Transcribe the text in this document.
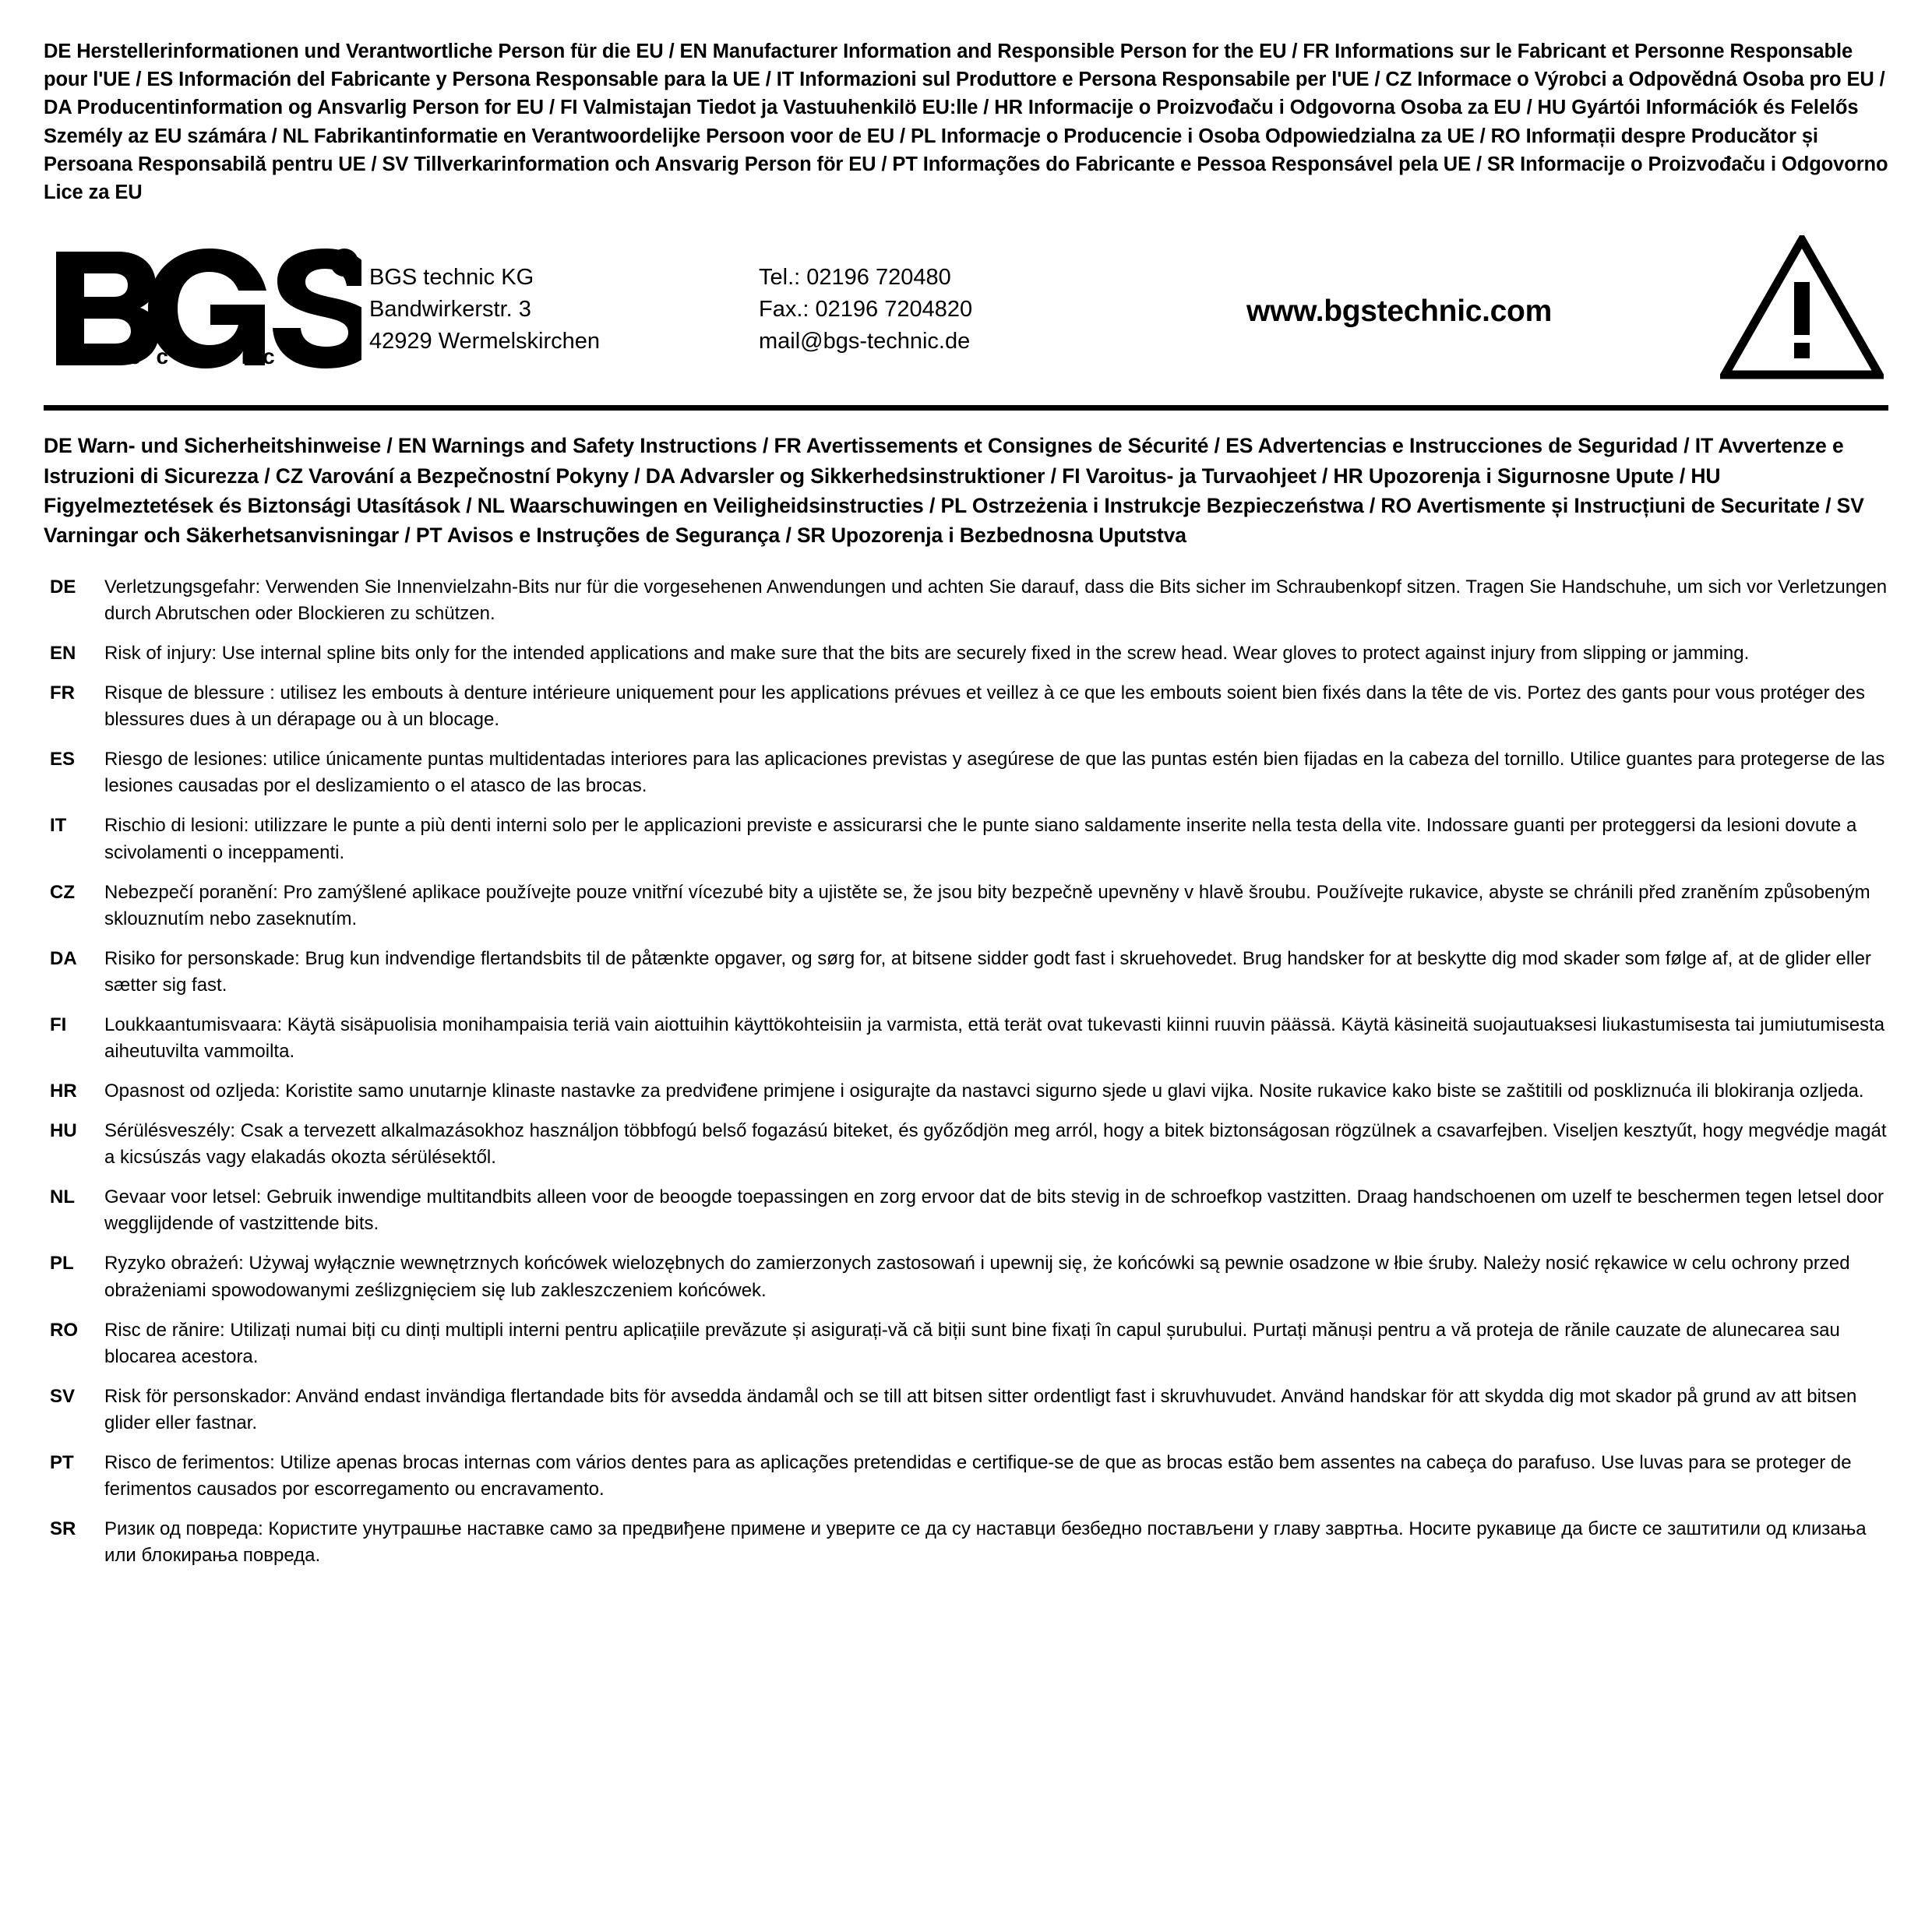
DE Herstellerinformationen und Verantwortliche Person für die EU / EN Manufacturer Information and Responsible Person for the EU / FR Informations sur le Fabricant et Personne Responsable pour l'UE / ES Información del Fabricante y Persona Responsable para la UE / IT Informazioni sul Produttore e Persona Responsabile per l'UE / CZ Informace o Výrobci a Odpovědná Osoba pro EU / DA Producentinformation og Ansvarlig Person for EU / FI Valmistajan Tiedot ja Vastuuhenkilö EU:lle / HR Informacije o Proizvođaču i Odgovorna Osoba za EU / HU Gyártói Információk és Felelős Személy az EU számára / NL Fabrikantinformatie en Verantwoordelijke Persoon voor de EU / PL Informacje o Producencie i Osoba Odpowiedzialna za UE / RO Informații despre Producător și Persoana Responsabilă pentru UE / SV Tillverkarinformation och Ansvarig Person för EU / PT Informações do Fabricante e Pessoa Responsável pela UE / SR Informacije o Proizvođaču i Odgovorno Lice za EU
R
t e c h n i c
BGS technic KG
Bandwirkerstr. 3
42929 Wermelskirchen
Tel.: 02196 720480
Fax.: 02196 7204820
mail@bgs-technic.de
www.bgstechnic.com
DE Warn- und Sicherheitshinweise / EN Warnings and Safety Instructions / FR Avertissements et Consignes de Sécurité / ES Advertencias e Instrucciones de Seguridad / IT Avvertenze e Istruzioni di Sicurezza / CZ Varování a Bezpečnostní Pokyny / DA Advarsler og Sikkerhedsinstruktioner / FI Varoitus- ja Turvaohjeet / HR Upozorenja i Sigurnosne Upute / HU Figyelmeztetések és Biztonsági Utasítások / NL Waarschuwingen en Veiligheidsinstructies / PL Ostrzeżenia i Instrukcje Bezpieczeństwa / RO Avertismente și Instrucțiuni de Securitate / SV Varningar och Säkerhetsanvisningar / PT Avisos e Instruções de Segurança / SR Upozorenja i Bezbednosna Uputstva
DE	Verletzungsgefahr: Verwenden Sie Innenvielzahn-Bits nur für die vorgesehenen Anwendungen und achten Sie darauf, dass die Bits sicher im Schraubenkopf sitzen. Tragen Sie Handschuhe, um sich vor Verletzungen durch Abrutschen oder Blockieren zu schützen.
EN	Risk of injury: Use internal spline bits only for the intended applications and make sure that the bits are securely fixed in the screw head. Wear gloves to protect against injury from slipping or jamming.
FR	Risque de blessure : utilisez les embouts à denture intérieure uniquement pour les applications prévues et veillez à ce que les embouts soient bien fixés dans la tête de vis. Portez des gants pour vous protéger des blessures dues à un dérapage ou à un blocage.
ES	Riesgo de lesiones: utilice únicamente puntas multidentadas interiores para las aplicaciones previstas y asegúrese de que las puntas estén bien fijadas en la cabeza del tornillo. Utilice guantes para protegerse de las lesiones causadas por el deslizamiento o el atasco de las brocas.
IT	Rischio di lesioni: utilizzare le punte a più denti interni solo per le applicazioni previste e assicurarsi che le punte siano saldamente inserite nella testa della vite. Indossare guanti per proteggersi da lesioni dovute a scivolamenti o inceppamenti.
CZ	Nebezpečí poranění: Pro zamýšlené aplikace používejte pouze vnitřní vícezubé bity a ujistěte se, že jsou bity bezpečně upevněny v hlavě šroubu. Používejte rukavice, abyste se chránili před zraněním způsobeným sklouznutím nebo zaseknutím.
DA	Risiko for personskade: Brug kun indvendige flertandsbits til de påtænkte opgaver, og sørg for, at bitsene sidder godt fast i skruehovedet. Brug handsker for at beskytte dig mod skader som følge af, at de glider eller sætter sig fast.
FI	Loukkaantumisvaara: Käytä sisäpuolisia monihampaisia teriä vain aiottuihin käyttökohteisiin ja varmista, että terät ovat tukevasti kiinni ruuvin päässä. Käytä käsineitä suojautuaksesi liukastumisesta tai jumiutumisesta aiheutuvilta vammoilta.
HR	Opasnost od ozljeda: Koristite samo unutarnje klinaste nastavke za predviđene primjene i osigurajte da nastavci sigurno sjede u glavi vijka. Nosite rukavice kako biste se zaštitili od poskliznuća ili blokiranja ozljeda.
HU	Sérülésveszély: Csak a tervezett alkalmazásokhoz használjon többfogú belső fogazású biteket, és győződjön meg arról, hogy a bitek biztonságosan rögzülnek a csavarfejben. Viseljen kesztyűt, hogy megvédje magát a kicsúszás vagy elakadás okozta sérülésektől.
NL	Gevaar voor letsel: Gebruik inwendige multitandbits alleen voor de beoogde toepassingen en zorg ervoor dat de bits stevig in de schroefkop vastzitten. Draag handschoenen om uzelf te beschermen tegen letsel door wegglijdende of vastzittende bits.
PL	Ryzyko obrażeń: Używaj wyłącznie wewnętrznych końcówek wielozębnych do zamierzonych zastosowań i upewnij się, że końcówki są pewnie osadzone w łbie śruby. Należy nosić rękawice w celu ochrony przed obrażeniami spowodowanymi ześlizgnięciem się lub zakleszczeniem końcówek.
RO	Risc de rănire: Utilizați numai biți cu dinți multipli interni pentru aplicațiile prevăzute și asigurați-vă că biții sunt bine fixați în capul șurubului. Purtați mănuși pentru a vă proteja de rănile cauzate de alunecarea sau blocarea acestora.
SV	Risk för personskador: Använd endast invändiga flertandade bits för avsedda ändamål och se till att bitsen sitter ordentligt fast i skruvhuvudet. Använd handskar för att skydda dig mot skador på grund av att bitsen glider eller fastnar.
PT	Risco de ferimentos: Utilize apenas brocas internas com vários dentes para as aplicações pretendidas e certifique-se de que as brocas estão bem assentes na cabeça do parafuso. Use luvas para se proteger de ferimentos causados por escorregamento ou encravamento.
SR	Ризик од повреда: Користите унутрашње наставке само за предвиђене примене и уверите се да су наставци безбедно постављени у главу завртња. Носите рукавице да бисте се заштитили од клизања или блокирања повреда.
